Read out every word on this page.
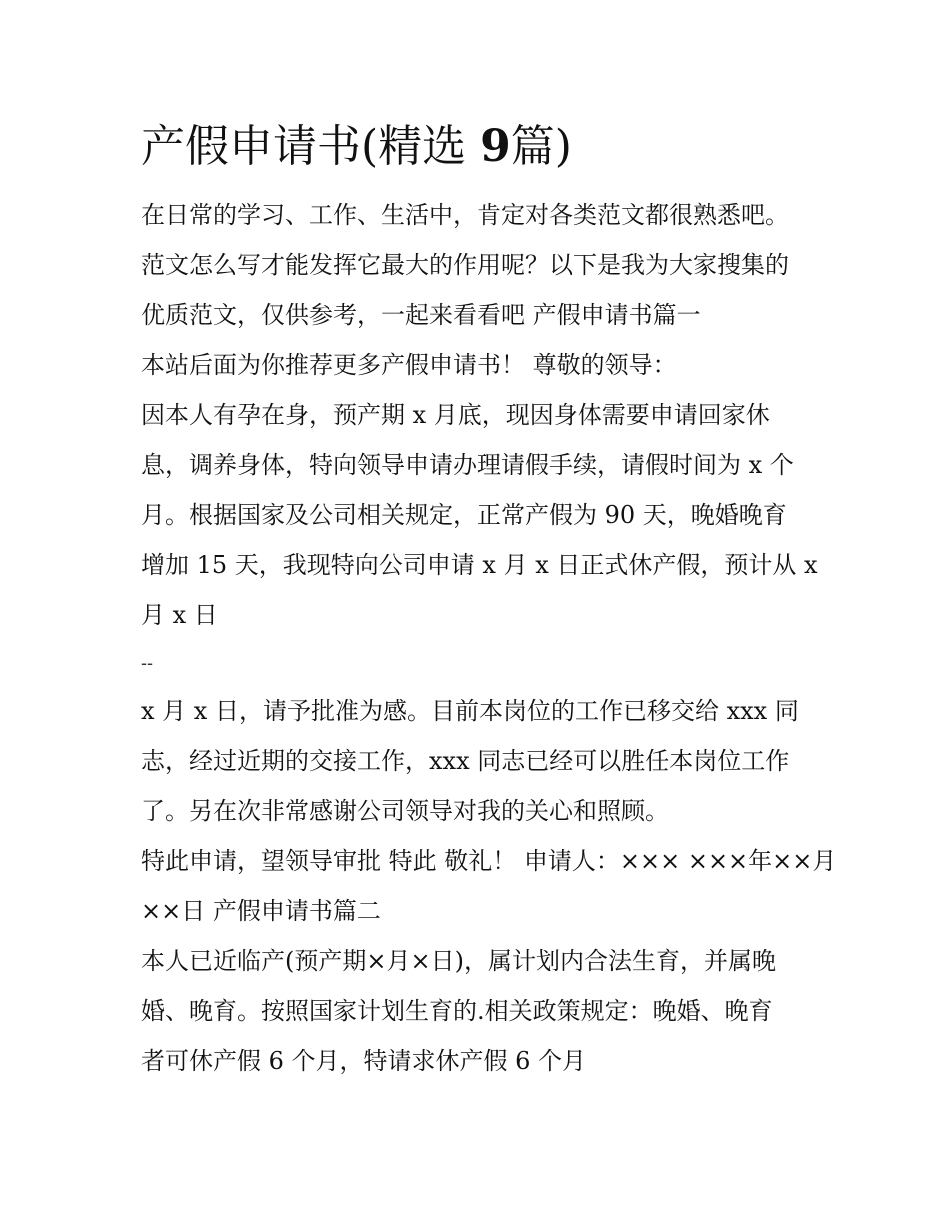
产假申请书(精选 9篇)

在日常的学习、工作、生活中，肯定对各类范文都很熟悉吧。

范文怎么写才能发挥它最大的作用呢？以下是我为大家搜集的

优质范文，仅供参考，一起来看看吧 产假申请书篇一

本站后面为你推荐更多产假申请书！ 尊敬的领导：

因本人有孕在身，预产期 x 月底，现因身体需要申请回家休

息，调养身体，特向领导申请办理请假手续，请假时间为 x 个

月。根据国家及公司相关规定，正常产假为 90 天，晚婚晚育

增加 15 天，我现特向公司申请 x 月 x 日正式休产假，预计从 x

月 x 日

--

x 月 x 日，请予批准为感。目前本岗位的工作已移交给 xxx 同

志，经过近期的交接工作，xxx 同志已经可以胜任本岗位工作

了。另在次非常感谢公司领导对我的关心和照顾。

特此申请，望领导审批 特此 敬礼！ 申请人：××× ×××年××月

××日 产假申请书篇二

本人已近临产(预产期×月×日)，属计划内合法生育，并属晚

婚、晚育。按照国家计划生育的.相关政策规定：晚婚、晚育

者可休产假 6 个月，特请求休产假 6 个月
